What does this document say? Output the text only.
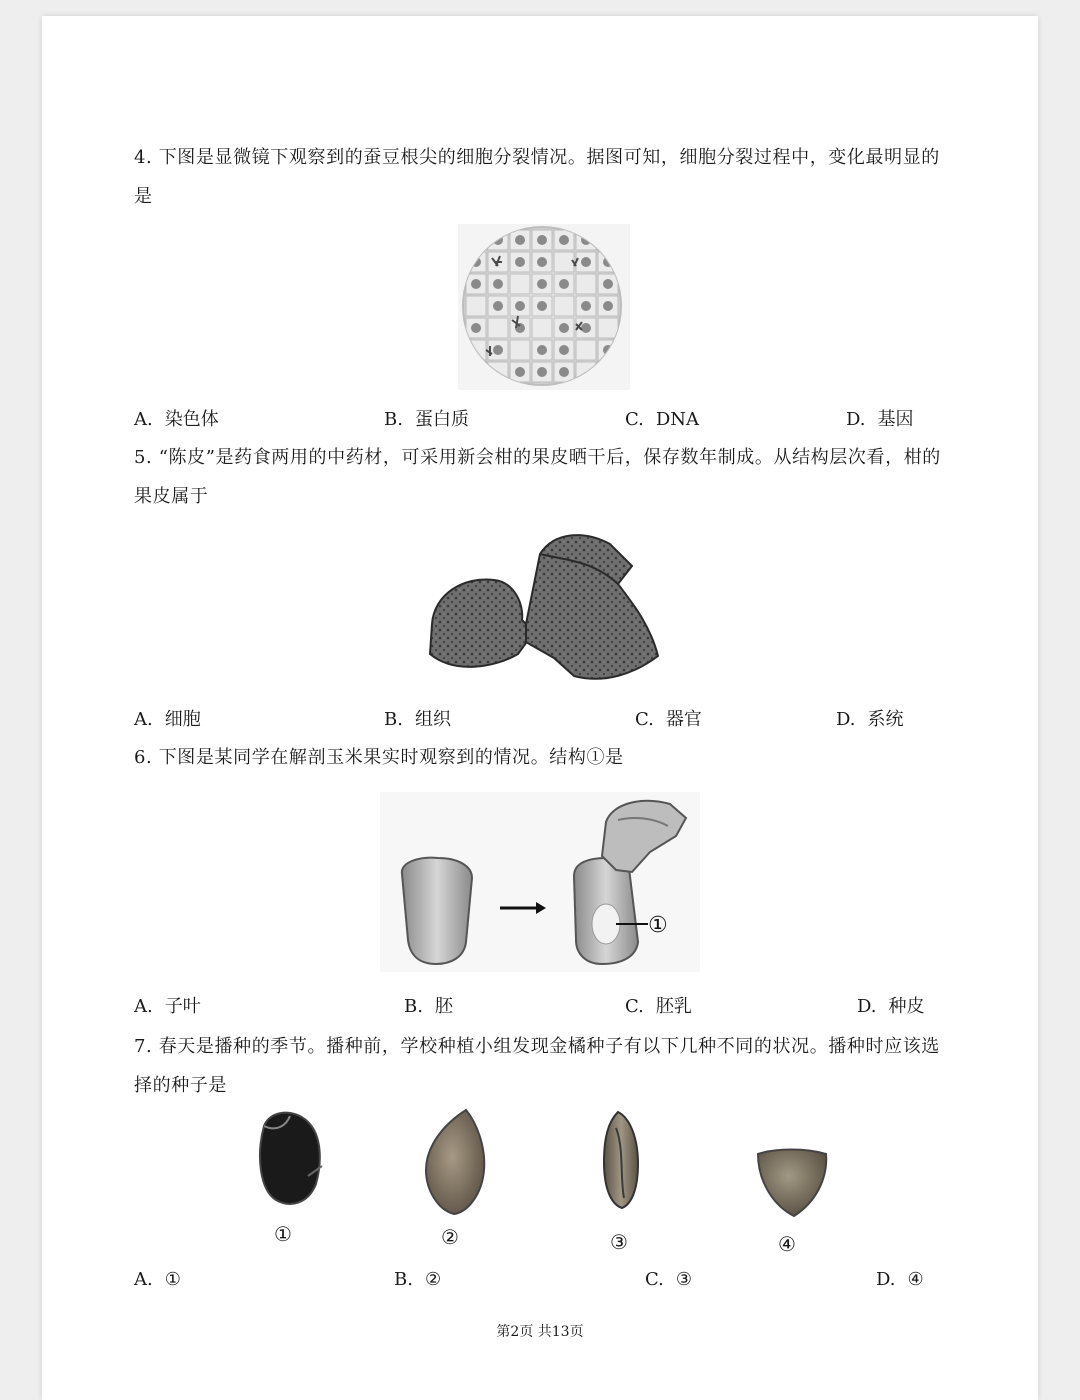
4. 下图是显微镜下观察到的蚕豆根尖的细胞分裂情况。据图可知，细胞分裂过程中，变化最明显的是
A. 染色体	B. 蛋白质	C. DNA	D. 基因
5. “陈皮”是药食两用的中药材，可采用新会柑的果皮晒干后，保存数年制成。从结构层次看，柑的果皮属于
A. 细胞	B. 组织	C. 器官	D. 系统
6. 下图是某同学在解剖玉米果实时观察到的情况。结构①是
①
A. 子叶	B. 胚	C. 胚乳	D. 种皮
7. 春天是播种的季节。播种前，学校种植小组发现金橘种子有以下几种不同的状况。播种时应该选择的种子是
①	②	③	④
A. ①	B. ②	C. ③	D. ④
第2页 共13页
